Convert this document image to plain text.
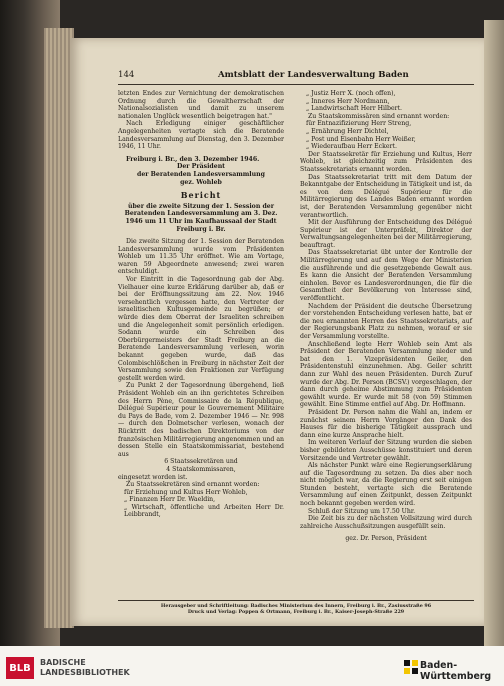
144	Amtsblatt der Landesverwaltung Baden

letzten Endes zur Vernichtung der demokratischen Ordnung durch die Gewaltherrschaft der Nationalsozialisten und damit zu unserem nationalen Unglück wesentlich beigetragen hat."

Nach Erledigung einiger geschäftlicher Angelegenheiten vertagte sich die Beratende Landesversammlung auf Dienstag, den 3. Dezember 1946, 11 Uhr.

Freiburg i. Br., den 3. Dezember 1946.

Der Präsident

der Beratenden Landesversammlung

gez. Wohleb

Bericht

über die zweite Sitzung der 1. Session der Beratenden Landesversammlung am 3. Dez. 1946 um 11 Uhr im Kaufhaussaal der Stadt Freiburg i. Br.

Die zweite Sitzung der 1. Session der Beratenden Landesversammlung wurde vom Präsidenten Wohleb um 11.35 Uhr eröffnet. Wie am Vortage, waren 59 Abgeordnete anwesend; zwei waren entschuldigt.

Vor Eintritt in die Tagesordnung gab der Abg. Vielhauer eine kurze Erklärung darüber ab, daß er bei der Eröffnungssitzung am 22. Nov. 1946 versehentlich vergessen hatte, den Vertreter der israelitischen Kultusgemeinde zu begrüßen; er würde dies dem Oberrat der Israeliten schreiben und die Angelegenheit somit persönlich erledigen. Sodann wurde ein Schreiben des Oberbürgermeisters der Stadt Freiburg an die Beratende Landesversammlung verlesen, worin bekannt gegeben wurde, daß das Colombischlößchen in Freiburg in nächster Zeit der Versammlung sowie den Fraktionen zur Verfügung gestellt werden wird.

Zu Punkt 2 der Tagesordnung übergehend, ließ Präsident Wohleb ein an ihn gerichtetes Schreiben des Herrn Pène, Commissaire de la République, Délégué Supérieur pour le Gouvernement Militaire du Pays de Bade, vom 2. Dezember 1946 — Nr. 998 — durch den Dolmetscher verlesen, wonach der Rücktritt des badischen Direktoriums von der französischen Militärregierung angenommen und an dessen Stelle ein Staatskommissariat, bestehend aus

6 Staatssekretären und

4 Staatskommissaren,

eingesetzt worden ist.

Zu Staatssekretären sind ernannt worden:

für Erziehung und Kultus Herr Wohleb,
„ Finanzen Herr Dr. Waeldin,
„ Wirtschaft, öffentliche und Arbeiten Herr Dr. Leibbrandt,
„ Justiz Herr X. (noch offen),
„ Inneres Herr Nordmann,
„ Landwirtschaft Herr Hilbert.

Zu Staatskommissären sind ernannt worden:

für Entnazifizierung Herr Streng,
„ Ernährung Herr Dichtel,
„ Post und Eisenbahn Herr Weißer,
„ Wiederaufbau Herr Eckert.

Der Staatssekretär für Erziehung und Kultus, Herr Wohleb, ist gleichzeitig zum Präsidenten des Staatssekretariats ernannt worden.

Das Staatssekretariat tritt mit dem Datum der Bekanntgabe der Entscheidung in Tätigkeit und ist, da es von dem Délégué Supérieur für die Militärregierung des Landes Baden ernannt worden ist, der Beratenden Versammlung gegenüber nicht verantwortlich.

Mit der Ausführung der Entscheidung des Délégué Supérieur ist der Unterpräfekt, Direktor der Verwaltungsangelegenheiten bei der Militärregierung, beauftragt.

Das Staatssekretariat übt unter der Kontrolle der Militärregierung und auf dem Wege der Ministerien die ausführende und die gesetzgebende Gewalt aus. Es kann die Ansicht der Beratenden Versammlung einholen. Bevor es Landesverordnungen, die für die Gesamtheit der Bevölkerung von Interesse sind, veröffentlicht.

Nachdem der Präsident die deutsche Übersetzung der vorstehenden Entscheidung verlesen hatte, bat er die neu ernannten Herren des Staatssekretariats, auf der Regierungsbank Platz zu nehmen, worauf er sie der Versammlung vorstellte.

Anschließend legte Herr Wohleb sein Amt als Präsident der Beratenden Versammlung nieder und bat den 1. Vizepräsidenten Geiler, den Präsidentenstuhl einzunehmen. Abg. Geiler schritt dann zur Wahl des neuen Präsidenten. Durch Zuruf wurde der Abg. Dr. Person (BCSV.) vorgeschlagen, der dann durch geheime Abstimmung zum Präsidenten gewählt wurde. Er wurde mit 58 (von 59) Stimmen gewählt. Eine Stimme entfiel auf Abg. Dr. Hoffmann.

Präsident Dr. Person nahm die Wahl an, indem er zunächst seinem Herrn Vorgänger den Dank des Hauses für die bisherige Tätigkeit aussprach und dann eine kurze Ansprache hielt.

Im weiteren Verlauf der Sitzung wurden die sieben bisher gebildeten Ausschüsse konstituiert und deren Vorsitzende und Vertreter gewählt.

Als nächster Punkt wäre eine Regierungserklärung auf die Tagesordnung zu setzen. Da dies aber noch nicht möglich war, da die Regierung erst seit einigen Stunden besteht, vertagte sich die Beratende Versammlung auf einen Zeitpunkt, dessen Zeitpunkt noch bekannt gegeben werden wird.

Schluß der Sitzung um 17.50 Uhr.

Die Zeit bis zu der nächsten Vollsitzung wird durch zahlreiche Ausschußsitzungen ausgefüllt sein.

gez. Dr. Person, Präsident

Herausgeber und Schriftleitung: Badisches Ministerium des Innern, Freiburg i. Br., Zasiusstraße 96
Druck und Verlag: Poppen & Ortmann, Freiburg i. Br., Kaiser-Joseph-Straße 229
BLB	BADISCHE
LANDESBIBLIOTHEK
Baden-Württemberg
